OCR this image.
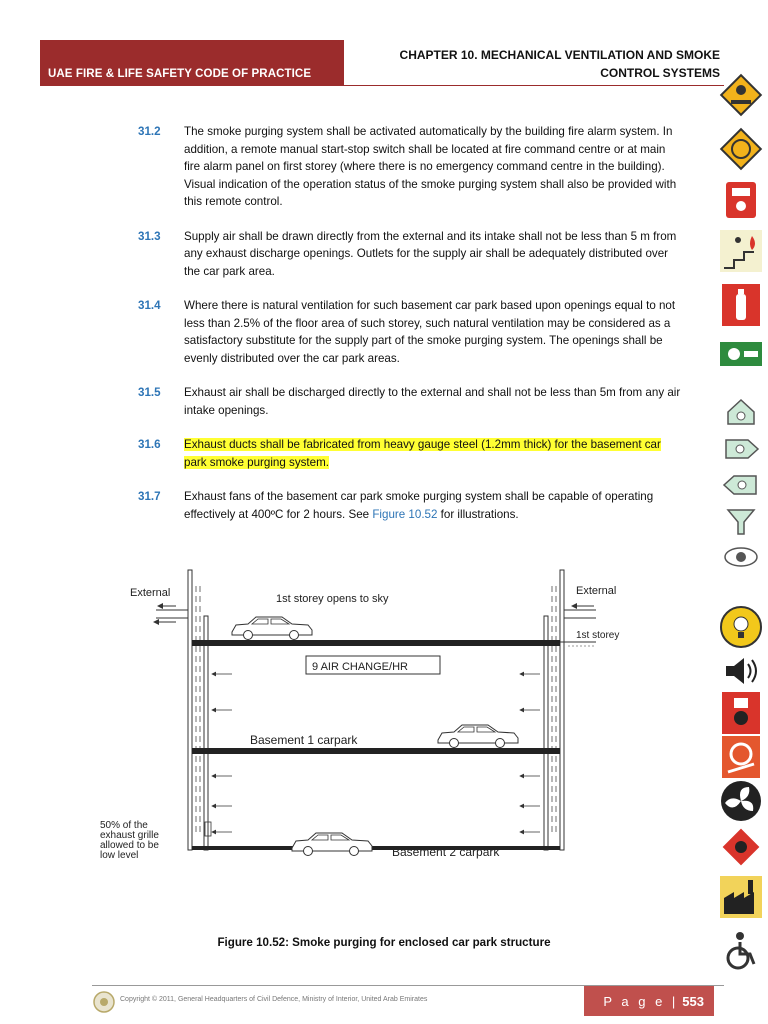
UAE FIRE & LIFE SAFETY CODE OF PRACTICE
CHAPTER 10. MECHANICAL VENTILATION AND SMOKE
CONTROL SYSTEMS
31.2	The smoke purging system shall be activated automatically by the building fire alarm system. In addition, a remote manual start-stop switch shall be located at fire command centre or at main fire alarm panel on first storey (where there is no emergency command centre in the building). Visual indication of the operation status of the smoke purging system shall also be provided with this remote control.
31.3	Supply air shall be drawn directly from the external and its intake shall not be less than 5 m from any exhaust discharge openings. Outlets for the supply air shall be adequately distributed over the car park area.
31.4	Where there is natural ventilation for such basement car park based upon openings equal to not less than 2.5% of the floor area of such storey, such natural ventilation may be considered as a satisfactory substitute for the supply part of the smoke purging system. The openings shall be evenly distributed over the car park areas.
31.5	Exhaust air shall be discharged directly to the external and shall not be less than 5m from any air intake openings.
31.6	Exhaust ducts shall be fabricated from heavy gauge steel (1.2mm thick) for the basement car park smoke purging system.
31.7	Exhaust fans of the basement car park smoke purging system shall be capable of operating effectively at 400ºC for 2 hours. See Figure 10.52 for illustrations.
External	External
1st storey opens to sky
1st storey
9 AIR CHANGE/HR
Basement 1 carpark
Basement 2 carpark
50% of the exhaust grille allowed to be low level
Figure 10.52: Smoke purging for enclosed car park structure
Copyright © 2011, General Headquarters of Civil Defence, Ministry of Interior, United Arab Emirates	P a g e | 553
